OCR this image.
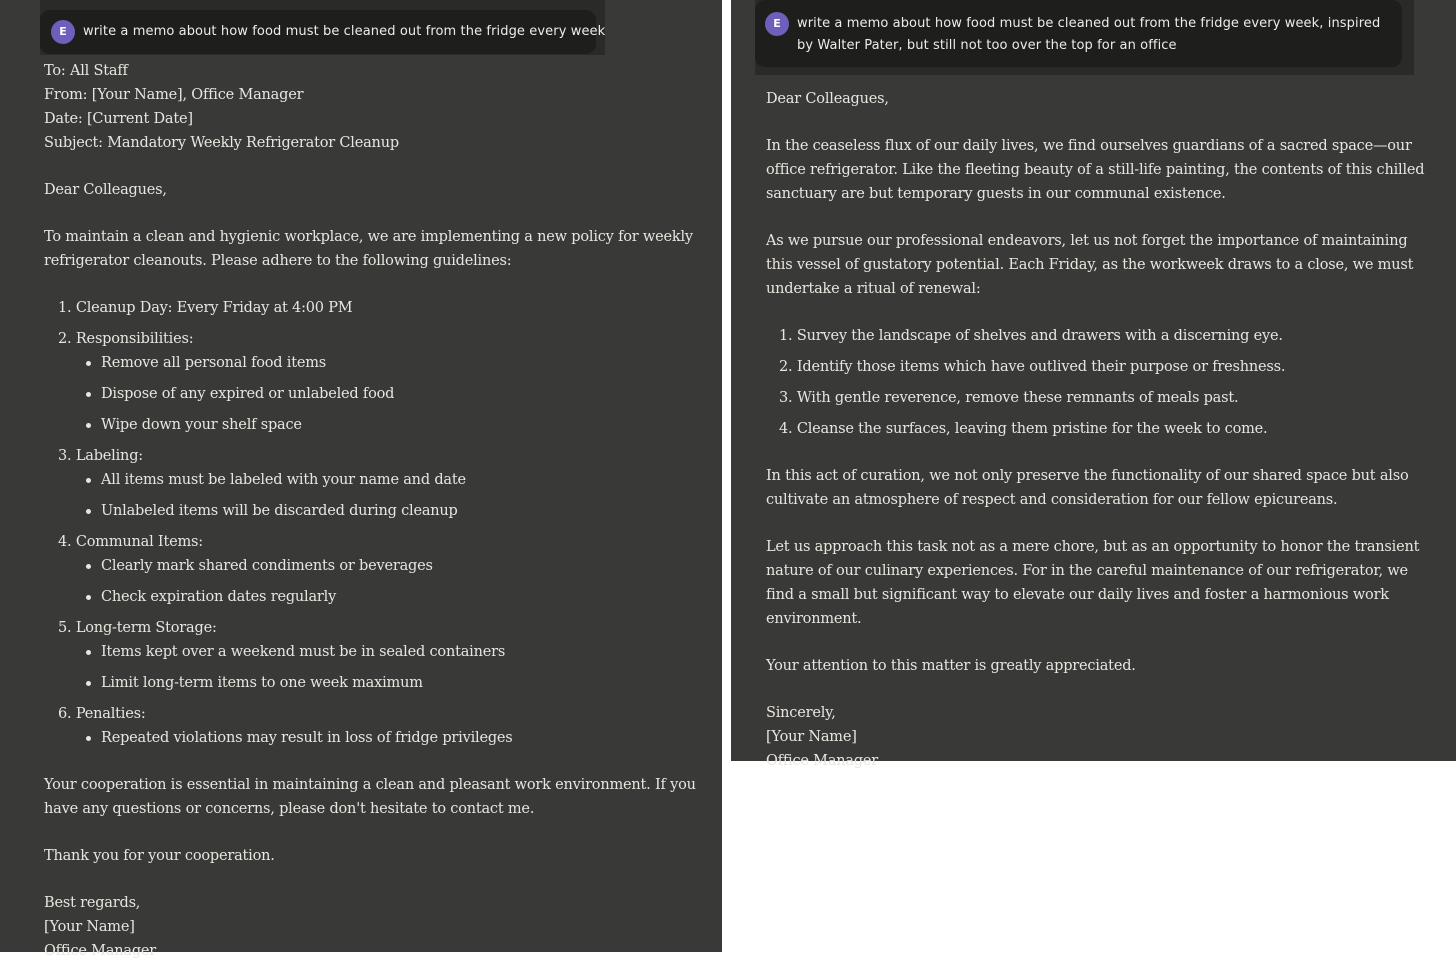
E	write a memo about how food must be cleaned out from the fridge every week

To: All Staff

From: [Your Name], Office Manager

Date: [Current Date]

Subject: Mandatory Weekly Refrigerator Cleanup

Dear Colleagues,

To maintain a clean and hygienic workplace, we are implementing a new policy for weekly refrigerator cleanouts. Please adhere to the following guidelines:

1. Cleanup Day: Every Friday at 4:00 PM
2. Responsibilities:
Remove all personal food items
Dispose of any expired or unlabeled food
Wipe down your shelf space
3. Labeling:
All items must be labeled with your name and date
Unlabeled items will be discarded during cleanup
4. Communal Items:
Clearly mark shared condiments or beverages
Check expiration dates regularly
5. Long-term Storage:
Items kept over a weekend must be in sealed containers
Limit long-term items to one week maximum
6. Penalties:
Repeated violations may result in loss of fridge privileges

Your cooperation is essential in maintaining a clean and pleasant work environment. If you have any questions or concerns, please don't hesitate to contact me.

Thank you for your cooperation.

Best regards,

[Your Name]

Office Manager

E	write a memo about how food must be cleaned out from the fridge every week, inspired by Walter Pater, but still not too over the top for an office

Dear Colleagues,

In the ceaseless flux of our daily lives, we find ourselves guardians of a sacred space—our office refrigerator. Like the fleeting beauty of a still-life painting, the contents of this chilled sanctuary are but temporary guests in our communal existence.

As we pursue our professional endeavors, let us not forget the importance of maintaining this vessel of gustatory potential. Each Friday, as the workweek draws to a close, we must undertake a ritual of renewal:

1. Survey the landscape of shelves and drawers with a discerning eye.
2. Identify those items which have outlived their purpose or freshness.
3. With gentle reverence, remove these remnants of meals past.
4. Cleanse the surfaces, leaving them pristine for the week to come.

In this act of curation, we not only preserve the functionality of our shared space but also cultivate an atmosphere of respect and consideration for our fellow epicureans.

Let us approach this task not as a mere chore, but as an opportunity to honor the transient nature of our culinary experiences. For in the careful maintenance of our refrigerator, we find a small but significant way to elevate our daily lives and foster a harmonious work environment.

Your attention to this matter is greatly appreciated.

Sincerely,

[Your Name]

Office Manager
